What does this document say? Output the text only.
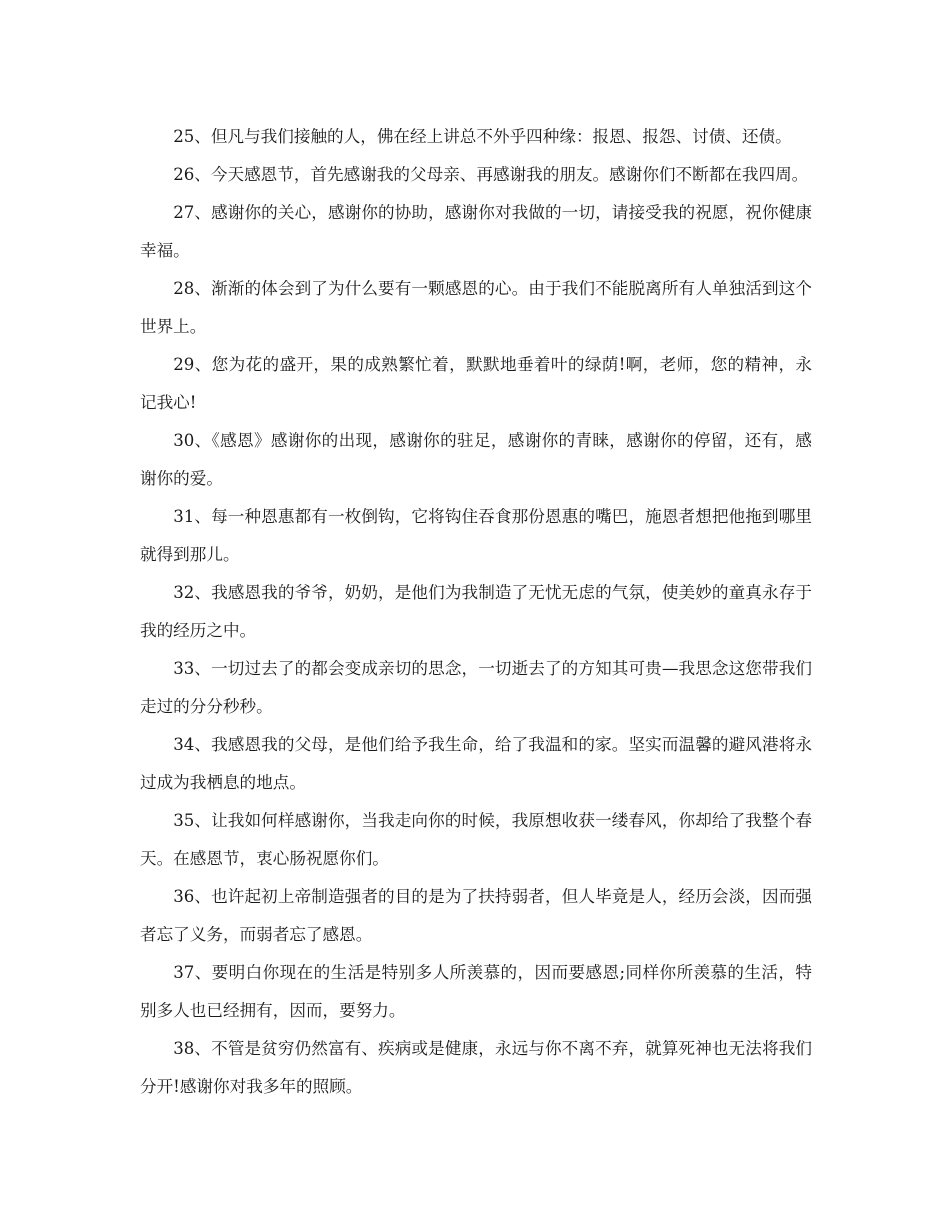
25、但凡与我们接触的人，佛在经上讲总不外乎四种缘：报恩、报怨、讨债、还债。

26、今天感恩节，首先感谢我的父母亲、再感谢我的朋友。感谢你们不断都在我四周。

27、感谢你的关心，感谢你的协助，感谢你对我做的一切，请接受我的祝愿，祝你健康幸福。

28、渐渐的体会到了为什么要有一颗感恩的心。由于我们不能脱离所有人单独活到这个世界上。

29、您为花的盛开，果的成熟繁忙着，默默地垂着叶的绿荫!啊，老师，您的精神，永记我心!

30、《感恩》感谢你的出现，感谢你的驻足，感谢你的青睐，感谢你的停留，还有，感谢你的爱。

31、每一种恩惠都有一枚倒钩，它将钩住吞食那份恩惠的嘴巴，施恩者想把他拖到哪里就得到那儿。

32、我感恩我的爷爷，奶奶，是他们为我制造了无忧无虑的气氛，使美妙的童真永存于我的经历之中。

33、一切过去了的都会变成亲切的思念，一切逝去了的方知其可贵—我思念这您带我们走过的分分秒秒。

34、我感恩我的父母，是他们给予我生命，给了我温和的家。坚实而温馨的避风港将永过成为我栖息的地点。

35、让我如何样感谢你，当我走向你的时候，我原想收获一缕春风，你却给了我整个春天。在感恩节，衷心肠祝愿你们。

36、也许起初上帝制造强者的目的是为了扶持弱者，但人毕竟是人，经历会淡，因而强者忘了义务，而弱者忘了感恩。

37、要明白你现在的生活是特别多人所羡慕的，因而要感恩;同样你所羡慕的生活，特别多人也已经拥有，因而，要努力。

38、不管是贫穷仍然富有、疾病或是健康，永远与你不离不弃，就算死神也无法将我们分开!感谢你对我多年的照顾。
